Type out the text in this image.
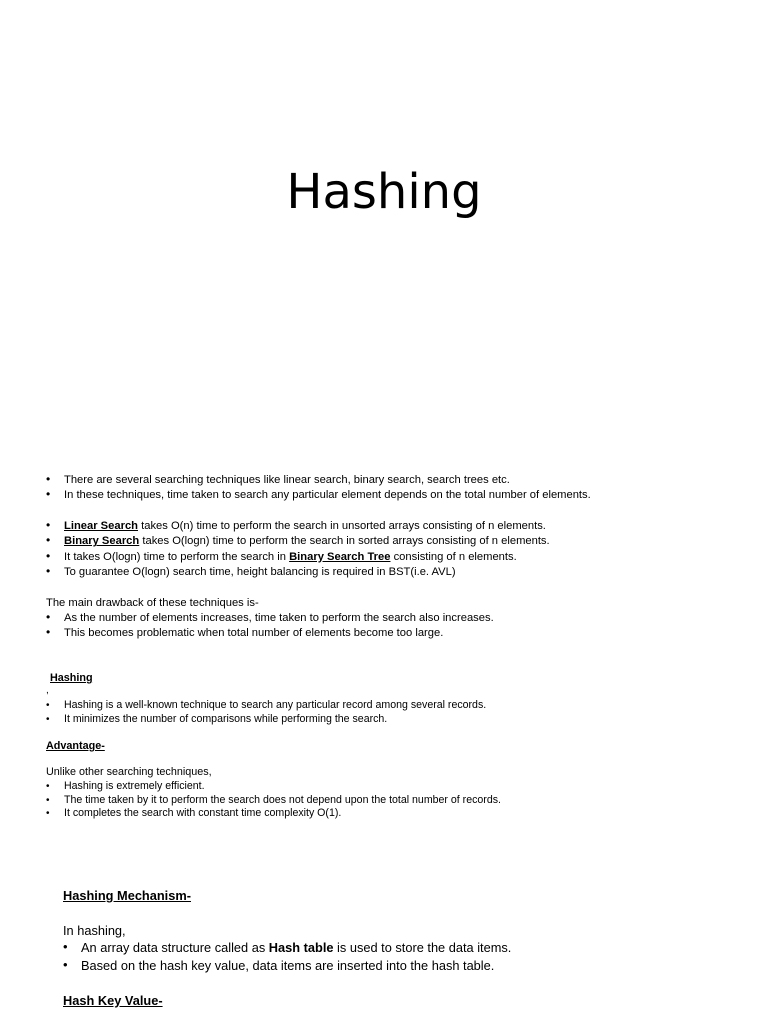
Hashing
• There are several searching techniques like linear search, binary search, search trees etc.
• In these techniques, time taken to search any particular element depends on the total number of elements.
• Linear Search takes O(n) time to perform the search in unsorted arrays consisting of n elements.
• Binary Search takes O(logn) time to perform the search in sorted arrays consisting of n elements.
• It takes O(logn) time to perform the search in Binary Search Tree consisting of n elements.
• To guarantee O(logn) search time, height balancing is required in BST(i.e. AVL)
The main drawback of these techniques is-
• As the number of elements increases, time taken to perform the search also increases.
• This becomes problematic when total number of elements become too large.
Hashing
,
• Hashing is a well-known technique to search any particular record among several records.
• It minimizes the number of comparisons while performing the search.
Advantage-
Unlike other searching techniques,
• Hashing is extremely efficient.
• The time taken by it to perform the search does not depend upon the total number of records.
• It completes the search with constant time complexity O(1).
Hashing Mechanism-
In hashing,
• An array data structure called as Hash table is used to store the data items.
• Based on the hash key value, data items are inserted into the hash table.
Hash Key Value-
